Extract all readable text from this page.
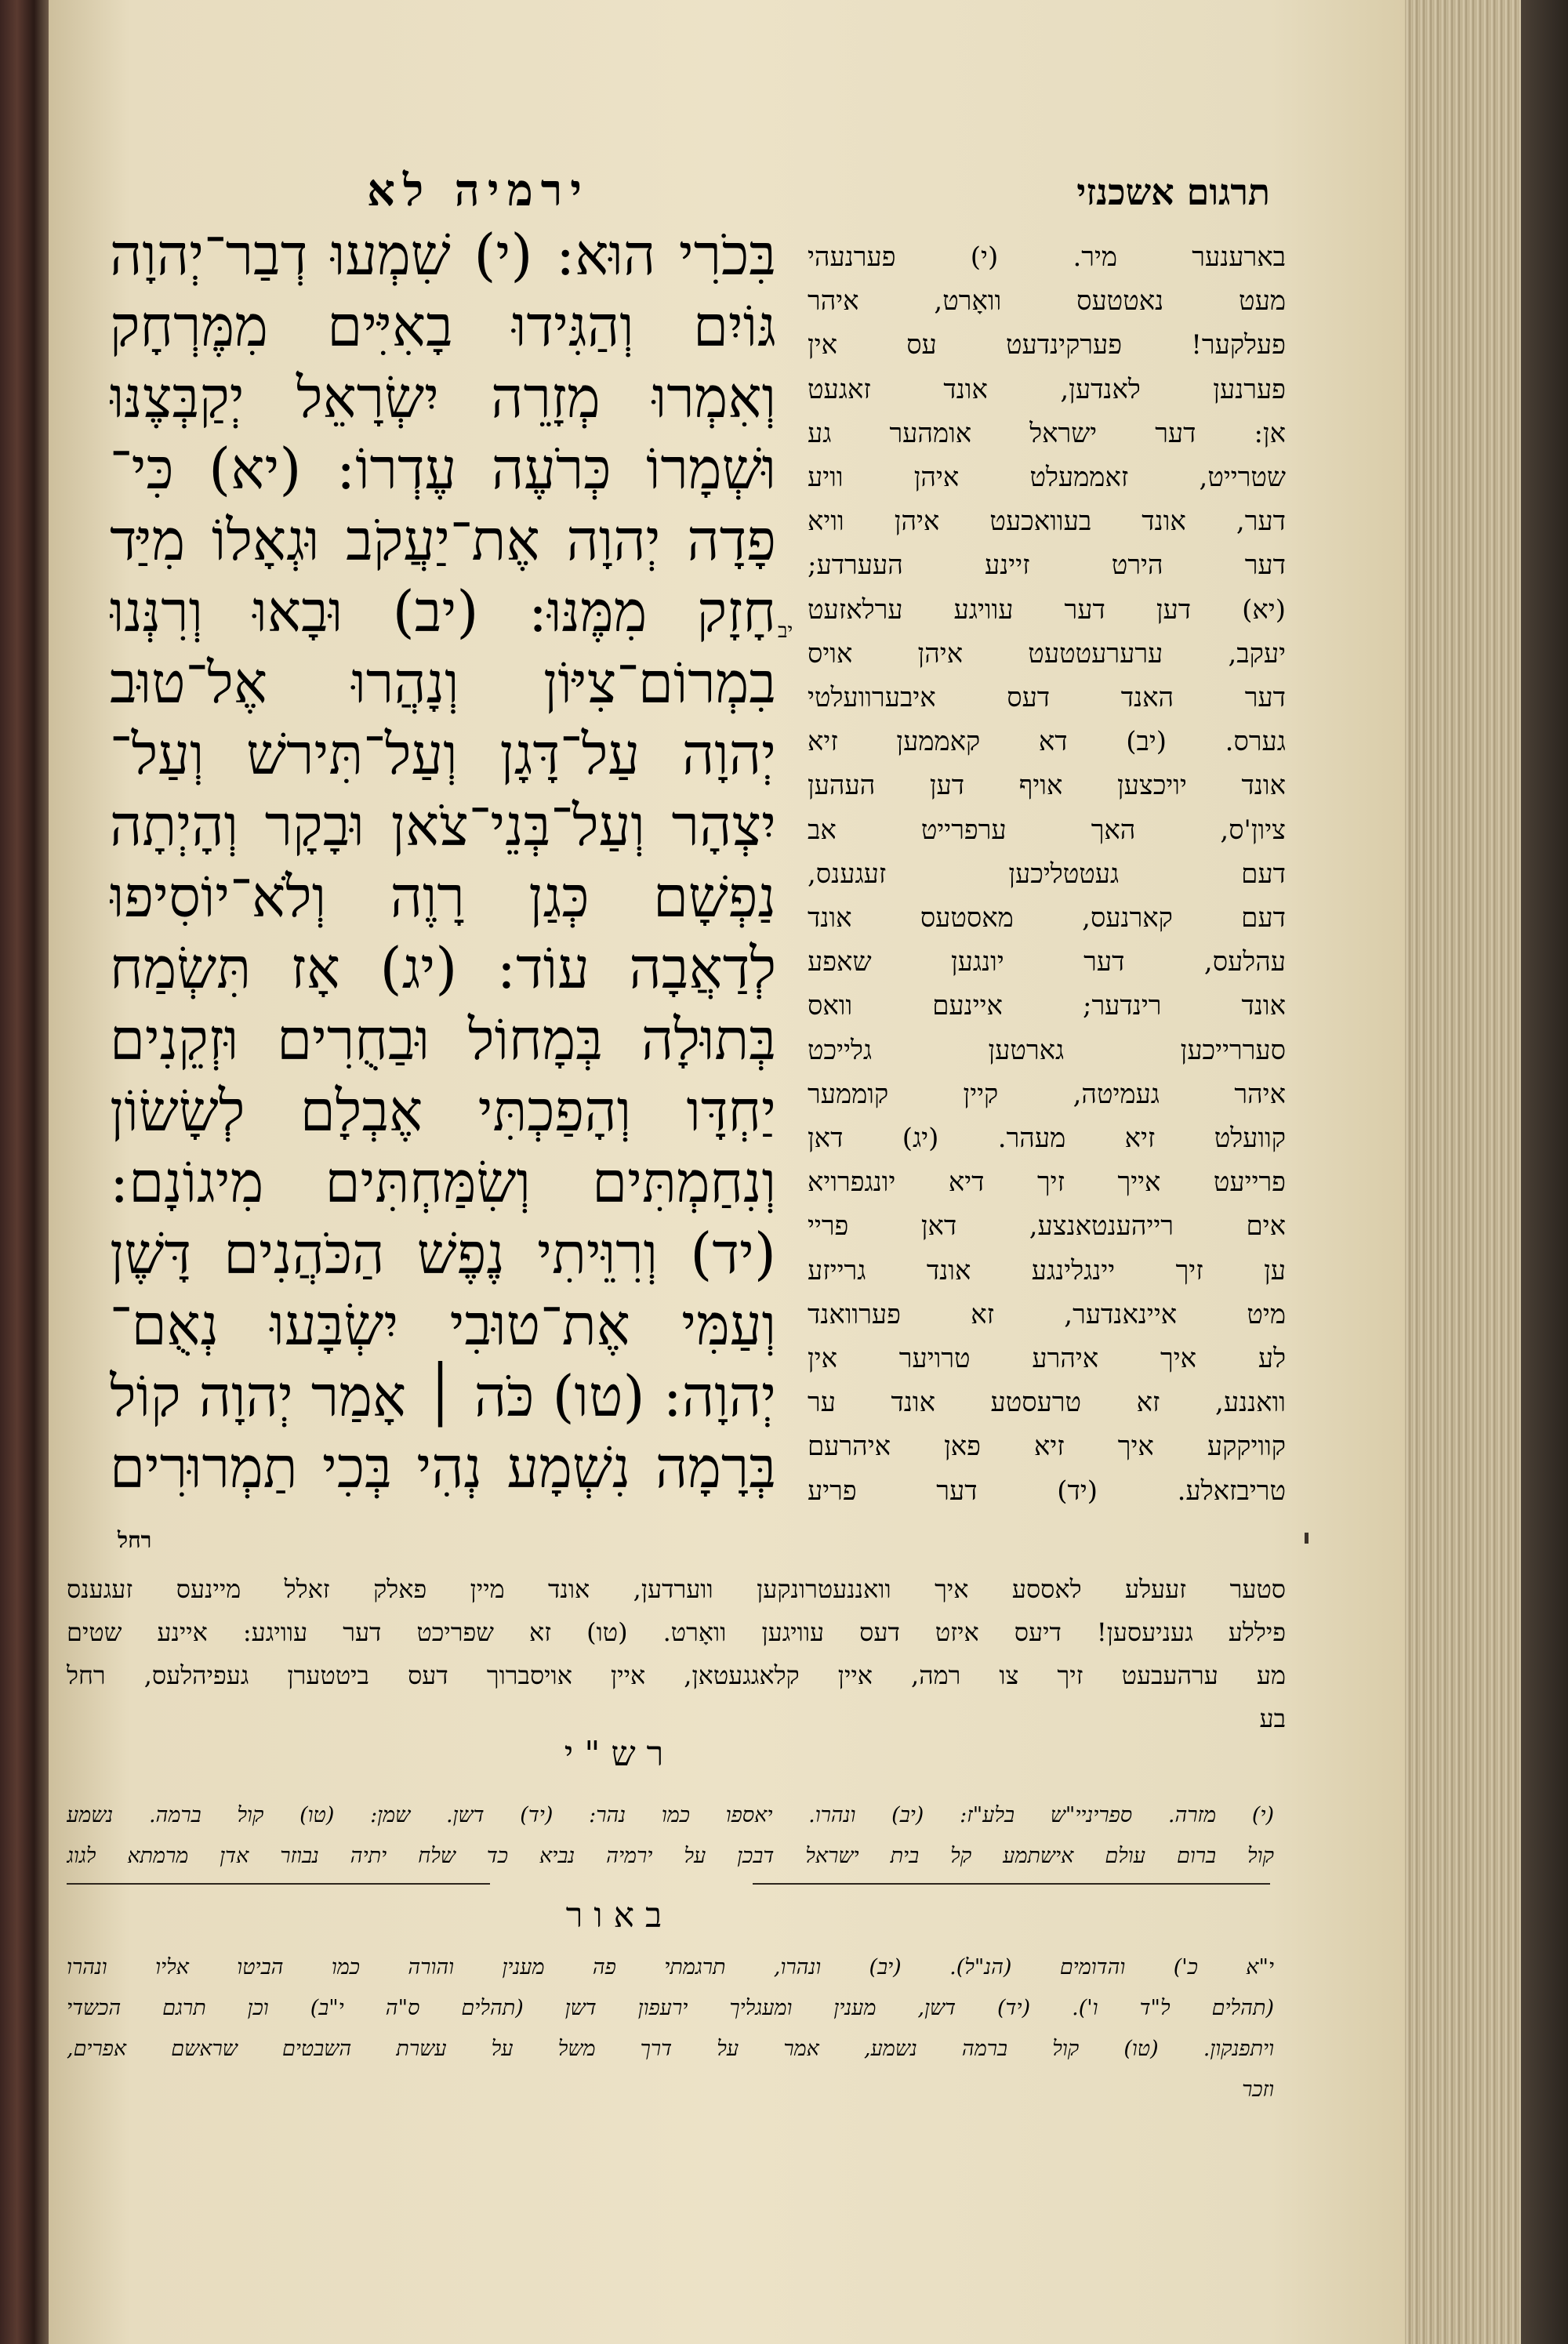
תרגום אשכנזי
ירמיה לא
בִּכֹרִי הוּא: (י) שִׁמְעוּ דְבַר־יְהוָה
גּוֹיִם וְהַגִּידוּ בָאִיִּים מִמֶּרְחָק
וְאִמְרוּ מְזָרֵה יִשְׂרָאֵל יְקַבְּצֶנּוּ
וּשְׁמָרוֹ כְּרֹעֶה עֶדְרוֹ: (יא) כִּי־
פָדָה יְהוָה אֶת־יַעֲקֹב וּגְאָלוֹ מִיַּד
חָזָק מִמֶּנּוּ: (יב) וּבָאוּ וְרִנְּנוּ
בִמְרוֹם־צִיּוֹן וְנָהֲרוּ אֶל־טוּב
יְהוָה עַל־דָּגָן וְעַל־תִּירשׁ וְעַל־
יִצְהָר וְעַל־בְּנֵי־צֹאן וּבָקָר וְהָיְתָה
נַפְשָׁם כְּגַן רָוֶה וְלֹא־יוֹסִיפוּ
לְדַאֲבָה עוֹד: (יג) אָז תִּשְׂמַח
בְּתוּלָה בְּמָחוֹל וּבַחֻרִים וּזְקֵנִים
יַחְדָּו וְהָפַכְתִּי אֶבְלָם לְשָׂשׂוֹן
וְנִחַמְתִּים וְשִׂמַּחְתִּים מִיגוֹנָם:
(יד) וְרִוֵּיתִי נֶפֶשׁ הַכֹּהֲנִים דָּשֶׁן
וְעַמִּי אֶת־טוּבִי יִשְׂבָּעוּ נְאֻם־
יְהוָה: (טו) כֹּה ׀ אָמַר יְהוָה קוֹל
בְּרָמָה נִשְׁמָע נְהִי בְּכִי תַמְרוּרִים
יב
רחל
בארענער מיר. (י) פערנעהי
מעט נאטטעס וואָרט, איהר
פעלקער! פערקינדעט עס אין
פערנען לאנדען, אונד זאגעט
אן: דער ישראל אומהער גע
שטרייט, זאממעלט איהן וויע
דער, אונד בעוואכעט איהן וויא
דער הירט זיינע העערדע;
(יא) דען דער עוויגע ערלאזעט
יעקב, ערערעטטעט איהן אויס
דער האנד דעס איבערוועלטי
גערס. (יב) דא קאממען זיא
אונד יויכצען אויף דען העהען
ציון'ס, האך ערפרייט אב
דעם געטטליכען זעגענס,
דעם קארנעס, מאסטעס אונד
עהלעס, דער יונגען שאפע
אונד רינדער; איינעם וואס
סעררייכען גארטען גלייכט
איהר געמיטה, קיין קוממער
קוועלט זיא מעהר. (יג) דאן
פרייעט אייך זיך דיא יונגפרויא
אים רייהענטאנצע, דאן פריי
ען זיך יינגלינגע אונד גרייזע
מיט איינאנדער, זא פערוואנד
לע איך איהרע טרויער אין
וואננע, זא טרעסטע אונד ער
קוויקקע איך זיא פאן איהרעם
טריבזאלע. (יד) דער פריע
סטער זעעלע לאססע איך וואננעטרונקען ווערדען, אונד מיין פאלק זאלל מיינעס זעגענס
פיללע געניעסען! דיעס איזט דעס עוויגען וואָרט. (טו) זא שפריכט דער עוויגע: איינע שטים
מע ערהעבעט זיך צו רמה, איין קלאגגעטאן, איין אויסברוך דעס ביטטערן געפיהלעס, רחל
בע
רש"י
(י) מזרה. ספריניי"ש בלע"ז: (יב) ונהרו. יאספו כמו נהר: (יד) דשן. שמן: (טו) קול ברמה. נשמע
קול ברום עולם אישתמע קל בית ישראל דבכן על ירמיה נביא כד שלח יתיה נבוזר אדן מרמתא לגוג
באור
י"א כ') והדומים (הנ"ל). (יב) ונהרו, תרגמתי פה מענין והורה כמו הביטו אליו ונהרו
(תהלים ל"ד ו'). (יד) דשן, מענין ומעגליך ירעפון דשן (תהלים ס"ה י"ב) וכן תרגם הכשדי
ויתפנקון. (טו) קול ברמה נשמע, אמר על דרך משל על עשרת השבטים שראשם אפרים,
וזכר
